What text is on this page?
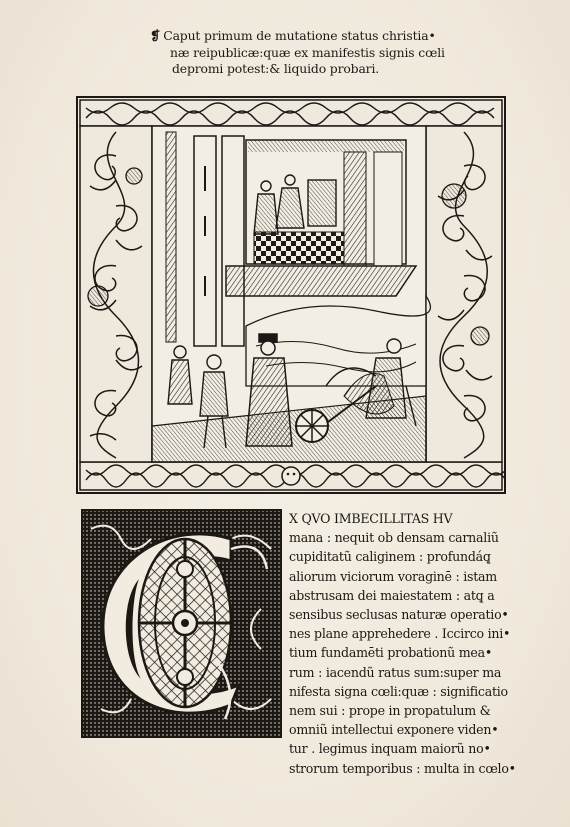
❡ Caput primum de mutatione status christia•
næ reipublicæ:quæ ex manifestis signis cœli
depromi potest:& liquido probari.
X QVO IMBECILLITAS HV
mana : nequit ob densam carnaliũ
cupiditatũ caliginem : profundáq̨
aliorum viciorum voraginē : istam
abstrusam dei maiestatem : atq̨ a
sensibus seclusas naturæ operatio•
nes plane apprehedere . Iccirco ini•
tium fundamēti probationũ mea•
rum : iacendũ ratus sum:super ma
nifesta signa cœli:quæ : significatio
nem sui : prope in propatulum &
omniũ intellectui exponere viden•
tur . legimus inquam maiorũ no•
strorum temporibus : multa in cœlo•
